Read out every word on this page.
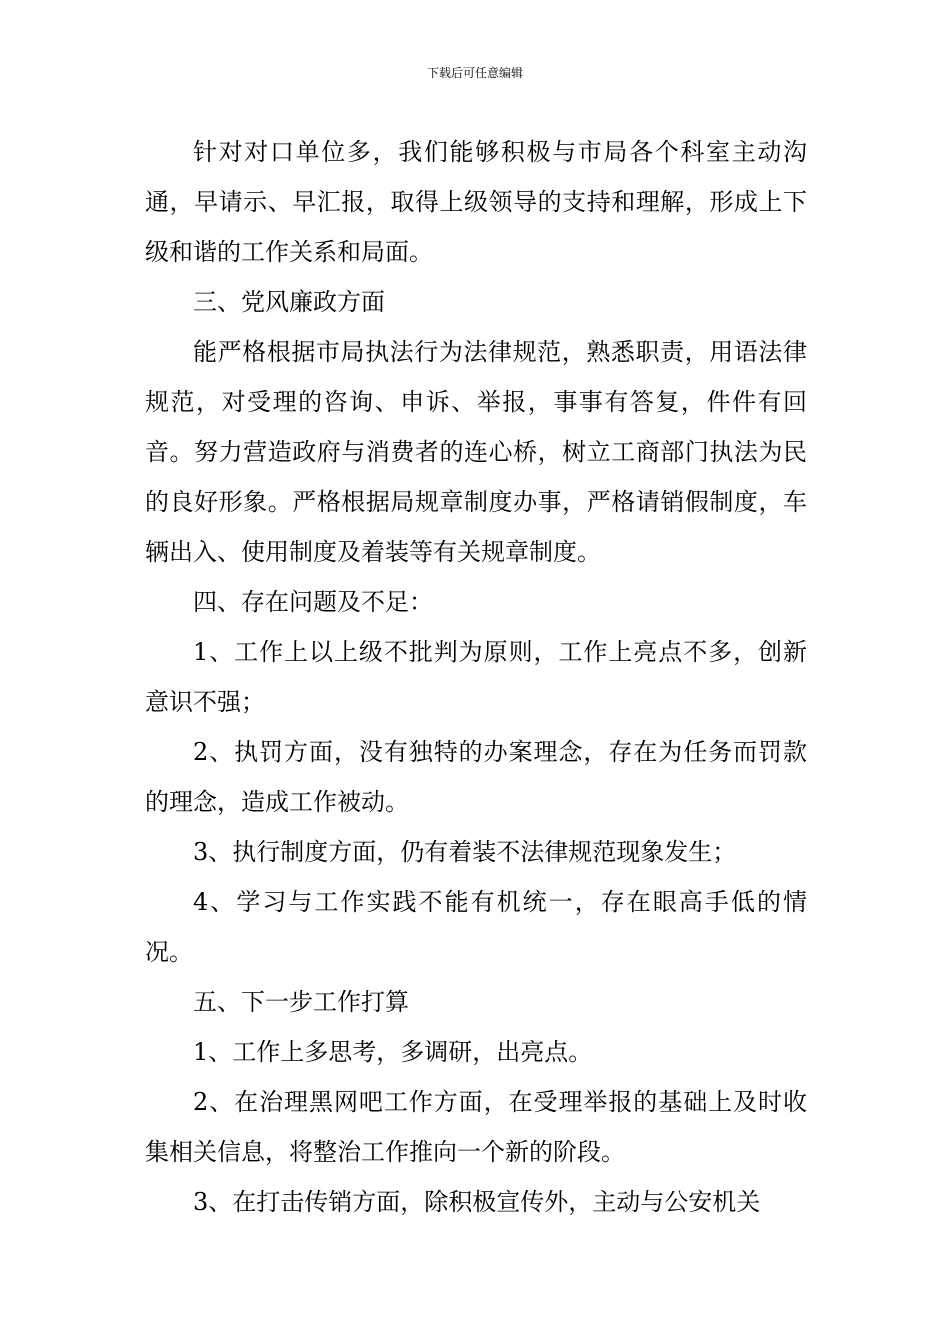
下载后可任意编辑

针对对口单位多，我们能够积极与市局各个科室主动沟通，早请示、早汇报，取得上级领导的支持和理解，形成上下级和谐的工作关系和局面。

三、党风廉政方面

能严格根据市局执法行为法律规范，熟悉职责，用语法律规范，对受理的咨询、申诉、举报，事事有答复，件件有回音。努力营造政府与消费者的连心桥，树立工商部门执法为民的良好形象。严格根据局规章制度办事，严格请销假制度，车辆出入、使用制度及着装等有关规章制度。

四、存在问题及不足：

1、工作上以上级不批判为原则，工作上亮点不多，创新意识不强；

2、执罚方面，没有独特的办案理念，存在为任务而罚款的理念，造成工作被动。

3、执行制度方面，仍有着装不法律规范现象发生；

4、学习与工作实践不能有机统一，存在眼高手低的情况。

五、下一步工作打算

1、工作上多思考，多调研，出亮点。

2、在治理黑网吧工作方面，在受理举报的基础上及时收集相关信息，将整治工作推向一个新的阶段。

3、在打击传销方面，除积极宣传外，主动与公安机关
